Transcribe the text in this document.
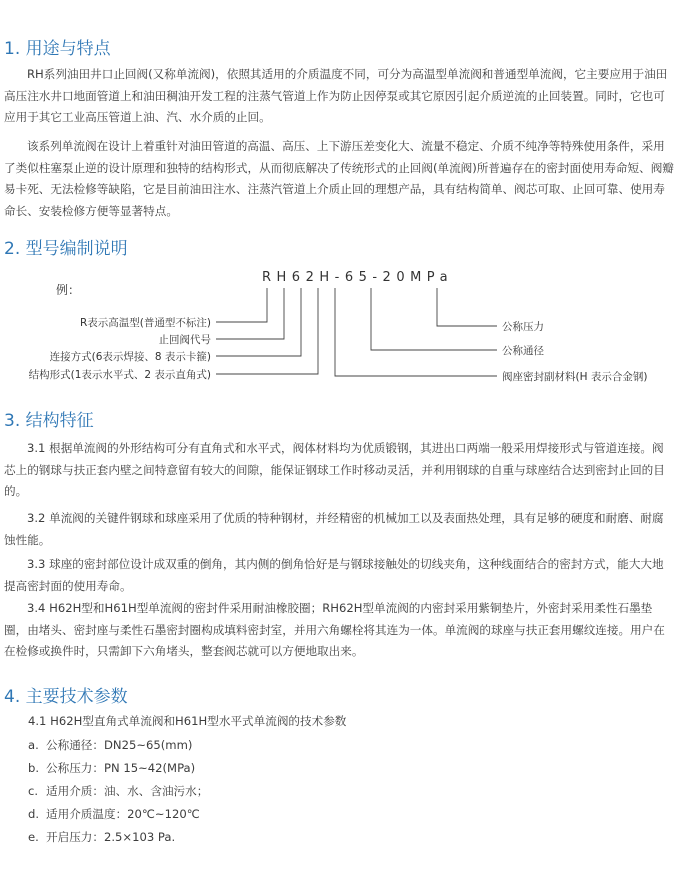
1. 用途与特点

RH系列油田井口止回阀(又称单流阀)，依照其适用的介质温度不同，可分为高温型单流阀和普通型单流阀，它主要应用于油田高压注水井口地面管道上和油田稠油开发工程的注蒸气管道上作为防止因停泵或其它原因引起介质逆流的止回装置。同时，它也可应用于其它工业高压管道上油、汽、水介质的止回。

该系列单流阀在设计上着重针对油田管道的高温、高压、上下游压差变化大、流量不稳定、介质不纯净等特殊使用条件，采用了类似柱塞泵止逆的设计原理和独特的结构形式，从而彻底解决了传统形式的止回阀(单流阀)所普遍存在的密封面使用寿命短、阀瓣易卡死、无法检修等缺陷，它是目前油田注水、注蒸汽管道上介质止回的理想产品，具有结构简单、阀芯可取、止回可靠、使用寿命长、安装检修方便等显著特点。

2. 型号编制说明
例：
RH62H-65-20MPa
R表示高温型(普通型不标注)
止回阀代号
连接方式(6表示焊接、8 表示卡箍)
结构形式(1表示水平式、2 表示直角式)
公称压力
公称通径
阀座密封副材料(H 表示合金钢)
3. 结构特征

3.1 根据单流阀的外形结构可分有直角式和水平式，阀体材料均为优质锻钢，其进出口两端一般采用焊接形式与管道连接。阀芯上的钢球与扶正套内壁之间特意留有较大的间隙，能保证钢球工作时移动灵活，并利用钢球的自重与球座结合达到密封止回的目的。

3.2 单流阀的关键件钢球和球座采用了优质的特种钢材，并经精密的机械加工以及表面热处理，具有足够的硬度和耐磨、耐腐蚀性能。

3.3 球座的密封部位设计成双重的倒角，其内侧的倒角恰好是与钢球接触处的切线夹角，这种线面结合的密封方式，能大大地提高密封面的使用寿命。

3.4 H62H型和H61H型单流阀的密封件采用耐油橡胶圈；RH62H型单流阀的内密封采用紫铜垫片，外密封采用柔性石墨垫圈，由堵头、密封座与柔性石墨密封圈构成填料密封室，并用六角螺栓将其连为一体。单流阀的球座与扶正套用螺纹连接。用户在在检修或换件时，只需卸下六角堵头，整套阀芯就可以方便地取出来。

4. 主要技术参数
4.1 H62H型直角式单流阀和H61H型水平式单流阀的技术参数
a. 公称通径：DN25~65(mm)
b. 公称压力：PN 15~42(MPa)
c. 适用介质：油、水、含油污水；
d. 适用介质温度：20℃~120℃
e. 开启压力：2.5×103 Pa.
